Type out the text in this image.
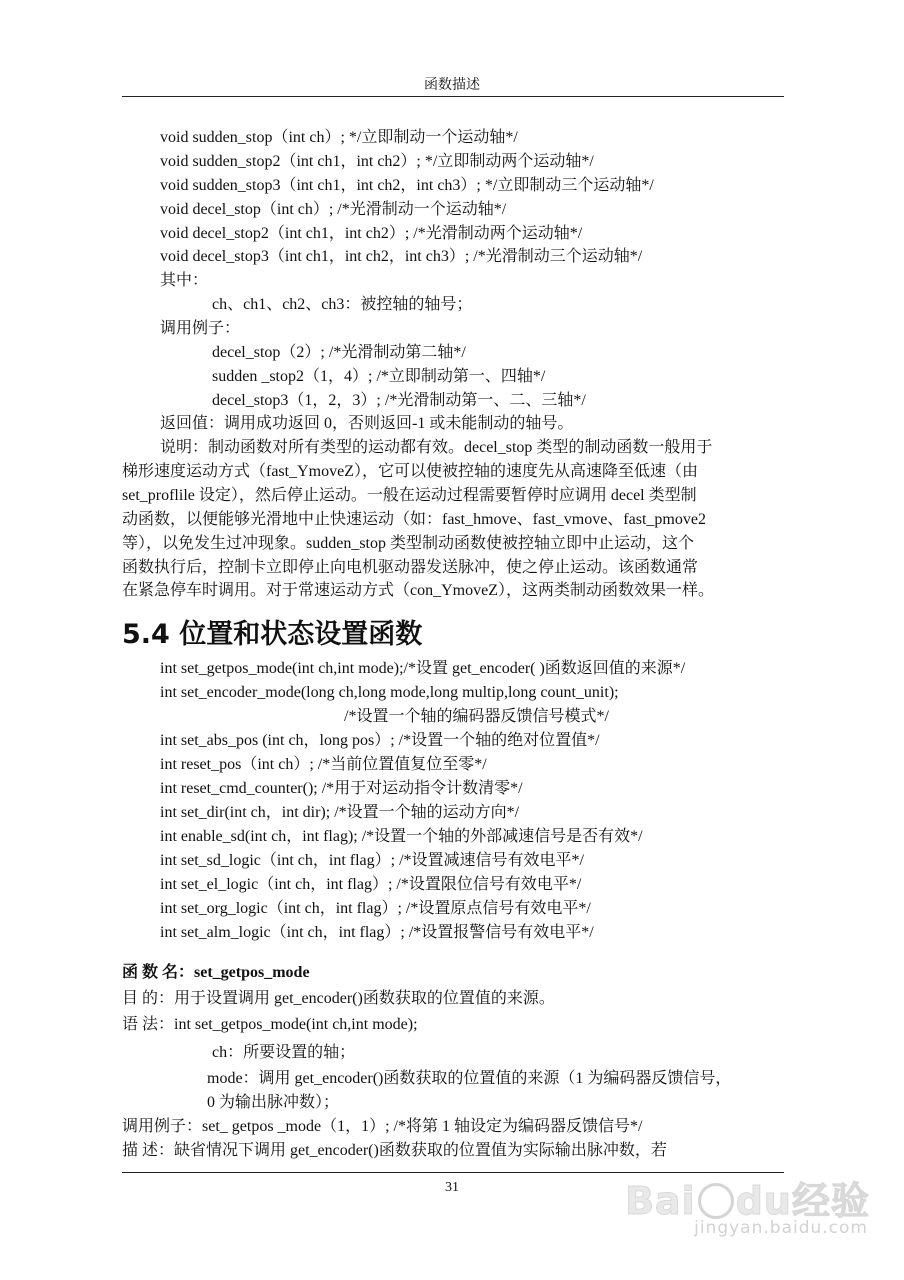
函数描述
void sudden_stop（int ch）; */立即制动一个运动轴*/
void sudden_stop2（int ch1，int ch2）; */立即制动两个运动轴*/
void sudden_stop3（int ch1，int ch2，int ch3）; */立即制动三个运动轴*/
void decel_stop（int ch）; /*光滑制动一个运动轴*/
void decel_stop2（int ch1，int ch2）; /*光滑制动两个运动轴*/
void decel_stop3（int ch1，int ch2，int ch3）; /*光滑制动三个运动轴*/
其中：
ch、ch1、ch2、ch3：被控轴的轴号；
调用例子：
decel_stop（2）; /*光滑制动第二轴*/
sudden _stop2（1，4）; /*立即制动第一、四轴*/
decel_stop3（1，2，3）; /*光滑制动第一、二、三轴*/
返回值：调用成功返回 0，否则返回-1 或未能制动的轴号。
说明：制动函数对所有类型的运动都有效。decel_stop 类型的制动函数一般用于
梯形速度运动方式（fast_YmoveZ），它可以使被控轴的速度先从高速降至低速（由
set_proflile 设定），然后停止运动。一般在运动过程需要暂停时应调用 decel 类型制
动函数，以便能够光滑地中止快速运动（如：fast_hmove、fast_vmove、fast_pmove2
等），以免发生过冲现象。sudden_stop 类型制动函数使被控轴立即中止运动，这个
函数执行后，控制卡立即停止向电机驱动器发送脉冲，使之停止运动。该函数通常
在紧急停车时调用。对于常速运动方式（con_YmoveZ），这两类制动函数效果一样。
5.4 位置和状态设置函数
int set_getpos_mode(int ch,int mode);/*设置 get_encoder( )函数返回值的来源*/
int set_encoder_mode(long ch,long mode,long multip,long count_unit);
/*设置一个轴的编码器反馈信号模式*/
int set_abs_pos (int ch，long pos）; /*设置一个轴的绝对位置值*/
int reset_pos（int ch）; /*当前位置值复位至零*/
int reset_cmd_counter(); /*用于对运动指令计数清零*/
int set_dir(int ch，int dir); /*设置一个轴的运动方向*/
int enable_sd(int ch，int flag); /*设置一个轴的外部减速信号是否有效*/
int set_sd_logic（int ch，int flag）; /*设置减速信号有效电平*/
int set_el_logic（int ch，int flag）; /*设置限位信号有效电平*/
int set_org_logic（int ch，int flag）; /*设置原点信号有效电平*/
int set_alm_logic（int ch，int flag）; /*设置报警信号有效电平*/
函 数 名：set_getpos_mode
目 的：用于设置调用 get_encoder()函数获取的位置值的来源。
语 法：int set_getpos_mode(int ch,int mode);
ch：所要设置的轴；
mode：调用 get_encoder()函数获取的位置值的来源（1 为编码器反馈信号，
0 为输出脉冲数）；
调用例子：set_ getpos _mode（1，1）; /*将第 1 轴设定为编码器反馈信号*/
描 述：缺省情况下调用 get_encoder()函数获取的位置值为实际输出脉冲数，若
31	Bai du经验
jingyan.baidu.com
